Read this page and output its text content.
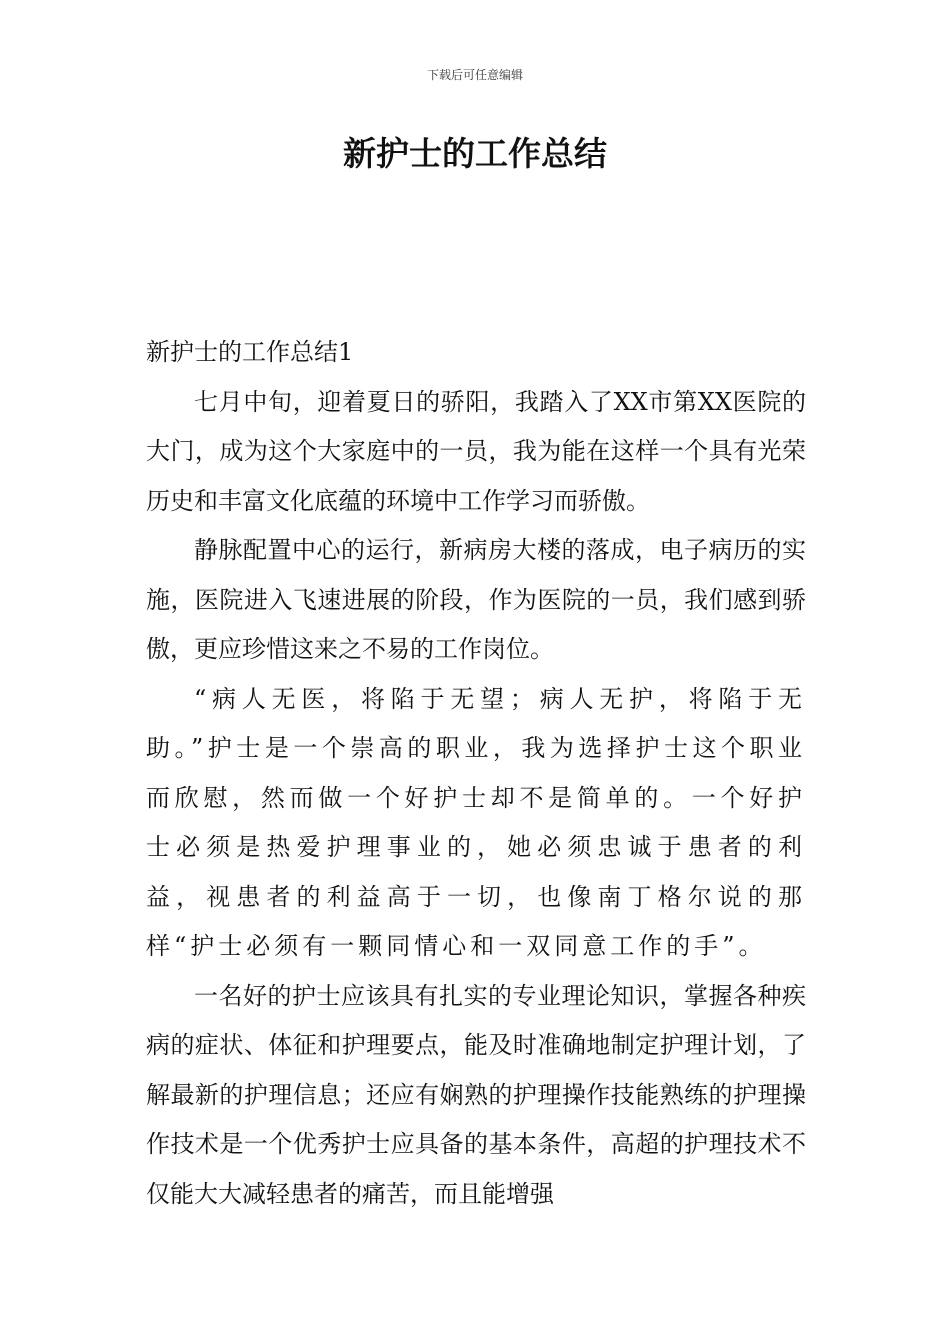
下载后可任意编辑
新护士的工作总结
新护士的工作总结1

七月中旬，迎着夏日的骄阳，我踏入了XX市第XX医院的大门，成为这个大家庭中的一员，我为能在这样一个具有光荣历史和丰富文化底蕴的环境中工作学习而骄傲。

静脉配置中心的运行，新病房大楼的落成，电子病历的实施，医院进入飞速进展的阶段，作为医院的一员，我们感到骄傲，更应珍惜这来之不易的工作岗位。

“病人无医，将陷于无望；病人无护，将陷于无助。”护士是一个崇高的职业，我为选择护士这个职业而欣慰，然而做一个好护士却不是简单的。一个好护士必须是热爱护理事业的，她必须忠诚于患者的利益，视患者的利益高于一切，也像南丁格尔说的那样“护士必须有一颗同情心和一双同意工作的手”。

一名好的护士应该具有扎实的专业理论知识，掌握各种疾病的症状、体征和护理要点，能及时准确地制定护理计划，了解最新的护理信息；还应有娴熟的护理操作技能熟练的护理操作技术是一个优秀护士应具备的基本条件，高超的护理技术不仅能大大减轻患者的痛苦，而且能增强
